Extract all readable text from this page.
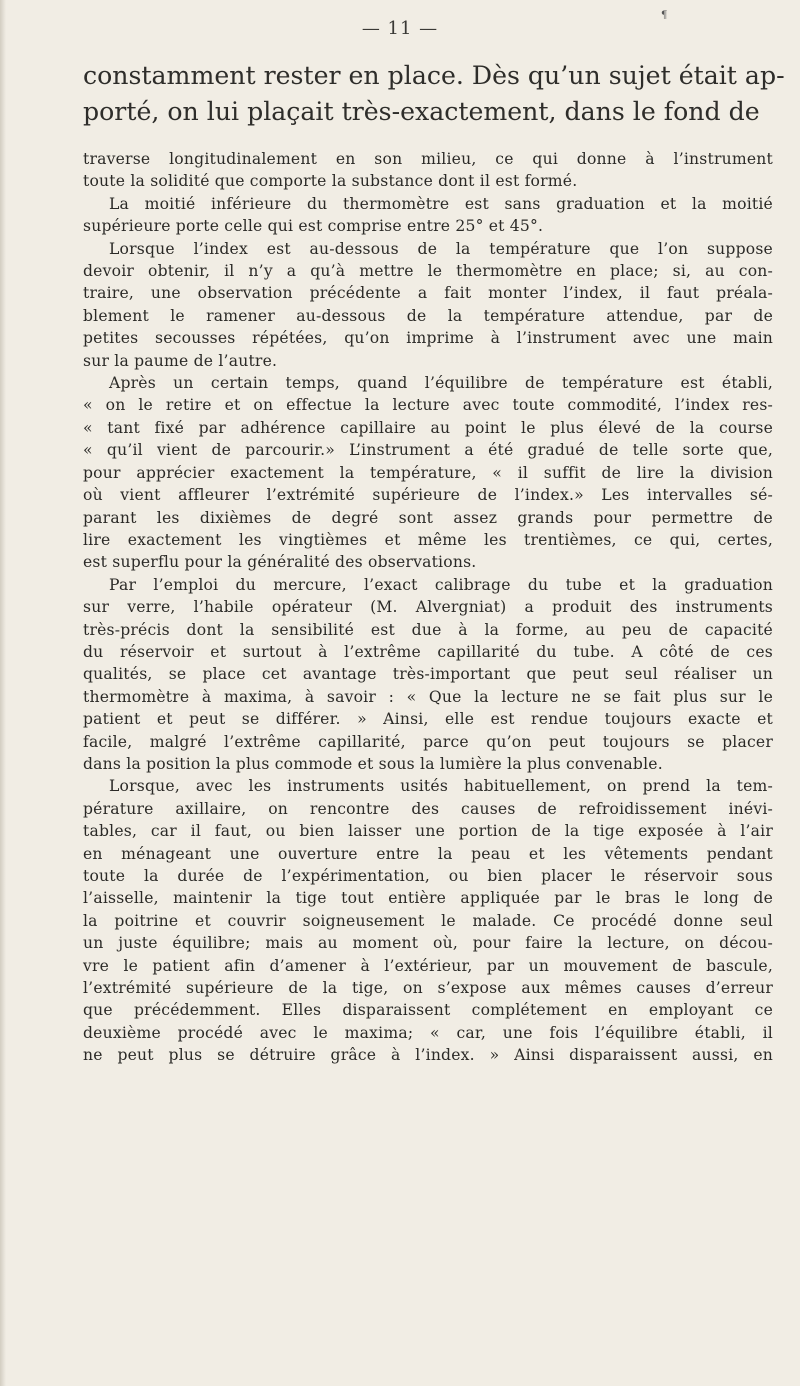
¶
— 11 —
constamment rester en place. Dès qu’un sujet était ap-
porté, on lui plaçait très-exactement, dans le fond de
traverse longitudinalement en son milieu, ce qui donne à l’instrument
toute la solidité que comporte la substance dont il est formé.
La moitié inférieure du thermomètre est sans graduation et la moitié
supérieure porte celle qui est comprise entre 25° et 45°.
Lorsque l’index est au-dessous de la température que l’on suppose
devoir obtenir, il n’y a qu’à mettre le thermomètre en place; si, au con-
traire, une observation précédente a fait monter l’index, il faut préala-
blement le ramener au-dessous de la température attendue, par de
petites secousses répétées, qu’on imprime à l’instrument avec une main
sur la paume de l’autre.
Après un certain temps, quand l’équilibre de température est établi,
« on le retire et on effectue la lecture avec toute commodité, l’index res-
« tant fixé par adhérence capillaire au point le plus élevé de la course
« qu’il vient de parcourir.» L’instrument a été gradué de telle sorte que,
pour apprécier exactement la température, « il suffit de lire la division
où vient affleurer l’extrémité supérieure de l’index.» Les intervalles sé-
parant les dixièmes de degré sont assez grands pour permettre de
lire exactement les vingtièmes et même les trentièmes, ce qui, certes,
est superflu pour la généralité des observations.
Par l’emploi du mercure, l’exact calibrage du tube et la graduation
sur verre, l’habile opérateur (M. Alvergniat) a produit des instruments
très-précis dont la sensibilité est due à la forme, au peu de capacité
du réservoir et surtout à l’extrême capillarité du tube. A côté de ces
qualités, se place cet avantage très-important que peut seul réaliser un
thermomètre à maxima, à savoir : « Que la lecture ne se fait plus sur le
patient et peut se différer. » Ainsi, elle est rendue toujours exacte et
facile, malgré l’extrême capillarité, parce qu’on peut toujours se placer
dans la position la plus commode et sous la lumière la plus convenable.
Lorsque, avec les instruments usités habituellement, on prend la tem-
pérature axillaire, on rencontre des causes de refroidissement inévi-
tables, car il faut, ou bien laisser une portion de la tige exposée à l’air
en ménageant une ouverture entre la peau et les vêtements pendant
toute la durée de l’expérimentation, ou bien placer le réservoir sous
l’aisselle, maintenir la tige tout entière appliquée par le bras le long de
la poitrine et couvrir soigneusement le malade. Ce procédé donne seul
un juste équilibre; mais au moment où, pour faire la lecture, on décou-
vre le patient afin d’amener à l’extérieur, par un mouvement de bascule,
l’extrémité supérieure de la tige, on s’expose aux mêmes causes d’erreur
que précédemment. Elles disparaissent complétement en employant ce
deuxième procédé avec le maxima; « car, une fois l’équilibre établi, il
ne peut plus se détruire grâce à l’index. » Ainsi disparaissent aussi, en
